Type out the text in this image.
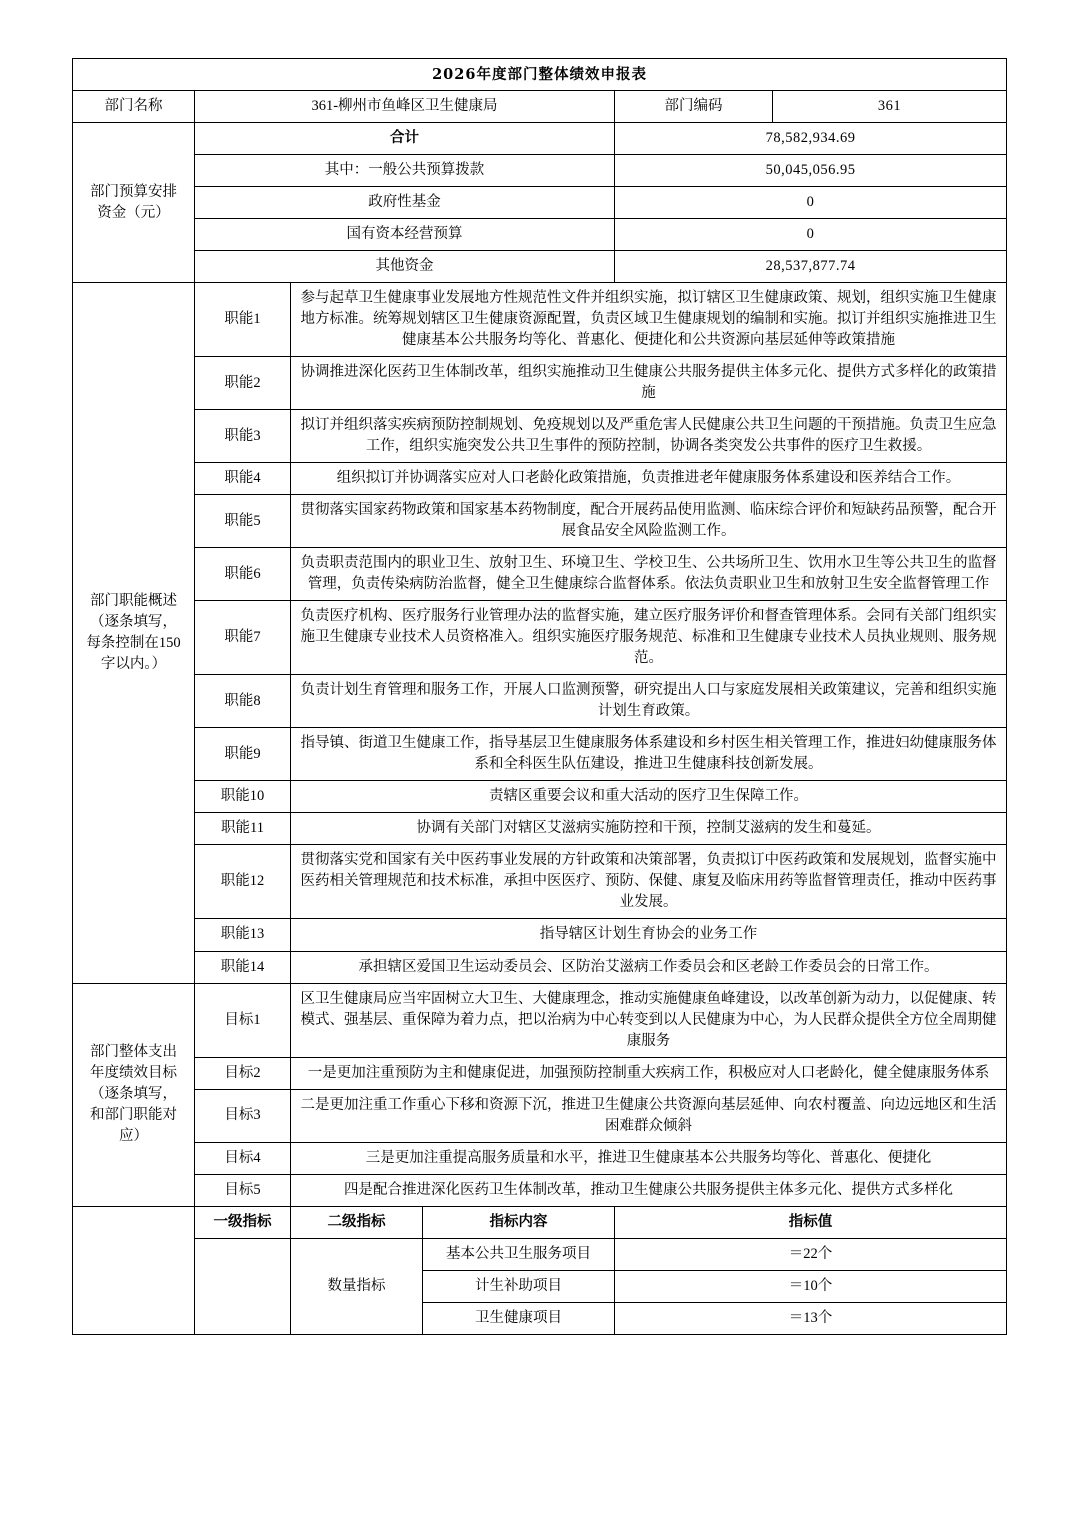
2026年度部门整体绩效申报表					
部门名称	361-柳州市鱼峰区卫生健康局			部门编码	361

部门预算安排
资金（元）	合计			78,582,934.69	
	其中：一般公共预算拨款			50,045,056.95	
	政府性基金			0	
	国有资本经营预算			0	
	其他资金			28,537,877.74	

部门职能概述
（逐条填写，
每条控制在150
字以内。）	职能1	参与起草卫生健康事业发展地方性规范性文件并组织实施，拟订辖区卫生健康政策、规划，组织实施卫生健康地方标准。统筹规划辖区卫生健康资源配置，负责区域卫生健康规划的编制和实施。拟订并组织实施推进卫生健康基本公共服务均等化、普惠化、便捷化和公共资源向基层延伸等政策措施			
	职能2	协调推进深化医药卫生体制改革，组织实施推动卫生健康公共服务提供主体多元化、提供方式多样化的政策措施			
	职能3	拟订并组织落实疾病预防控制规划、免疫规划以及严重危害人民健康公共卫生问题的干预措施。负责卫生应急工作，组织实施突发公共卫生事件的预防控制，协调各类突发公共事件的医疗卫生救援。			
	职能4	组织拟订并协调落实应对人口老龄化政策措施，负责推进老年健康服务体系建设和医养结合工作。			
	职能5	贯彻落实国家药物政策和国家基本药物制度，配合开展药品使用监测、临床综合评价和短缺药品预警，配合开展食品安全风险监测工作。			
	职能6	负责职责范围内的职业卫生、放射卫生、环境卫生、学校卫生、公共场所卫生、饮用水卫生等公共卫生的监督管理，负责传染病防治监督，健全卫生健康综合监督体系。依法负责职业卫生和放射卫生安全监督管理工作			
	职能7	负责医疗机构、医疗服务行业管理办法的监督实施，建立医疗服务评价和督查管理体系。会同有关部门组织实施卫生健康专业技术人员资格准入。组织实施医疗服务规范、标准和卫生健康专业技术人员执业规则、服务规范。			
	职能8	负责计划生育管理和服务工作，开展人口监测预警，研究提出人口与家庭发展相关政策建议，完善和组织实施计划生育政策。			
	职能9	指导镇、街道卫生健康工作，指导基层卫生健康服务体系建设和乡村医生相关管理工作，推进妇幼健康服务体系和全科医生队伍建设，推进卫生健康科技创新发展。			
	职能10	责辖区重要会议和重大活动的医疗卫生保障工作。			
	职能11	协调有关部门对辖区艾滋病实施防控和干预，控制艾滋病的发生和蔓延。			
	职能12	贯彻落实党和国家有关中医药事业发展的方针政策和决策部署，负责拟订中医药政策和发展规划，监督实施中医药相关管理规范和技术标准，承担中医医疗、预防、保健、康复及临床用药等监督管理责任，推动中医药事业发展。			
	职能13	指导辖区计划生育协会的业务工作			
	职能14	承担辖区爱国卫生运动委员会、区防治艾滋病工作委员会和区老龄工作委员会的日常工作。			

部门整体支出
年度绩效目标
（逐条填写，
和部门职能对
应）	目标1	区卫生健康局应当牢固树立大卫生、大健康理念，推动实施健康鱼峰建设，以改革创新为动力，以促健康、转模式、强基层、重保障为着力点，把以治病为中心转变到以人民健康为中心，为人民群众提供全方位全周期健康服务			
	目标2	一是更加注重预防为主和健康促进，加强预防控制重大疾病工作，积极应对人口老龄化，健全健康服务体系			
	目标3	二是更加注重工作重心下移和资源下沉，推进卫生健康公共资源向基层延伸、向农村覆盖、向边远地区和生活困难群众倾斜			
	目标4	三是更加注重提高服务质量和水平，推进卫生健康基本公共服务均等化、普惠化、便捷化			
	目标5	四是配合推进深化医药卫生体制改革，推动卫生健康公共服务提供主体多元化、提供方式多样化			
	一级指标	二级指标	指标内容	指标值	
		数量指标	基本公共卫生服务项目	＝22个	
			计生补助项目	＝10个	
			卫生健康项目	＝13个	
